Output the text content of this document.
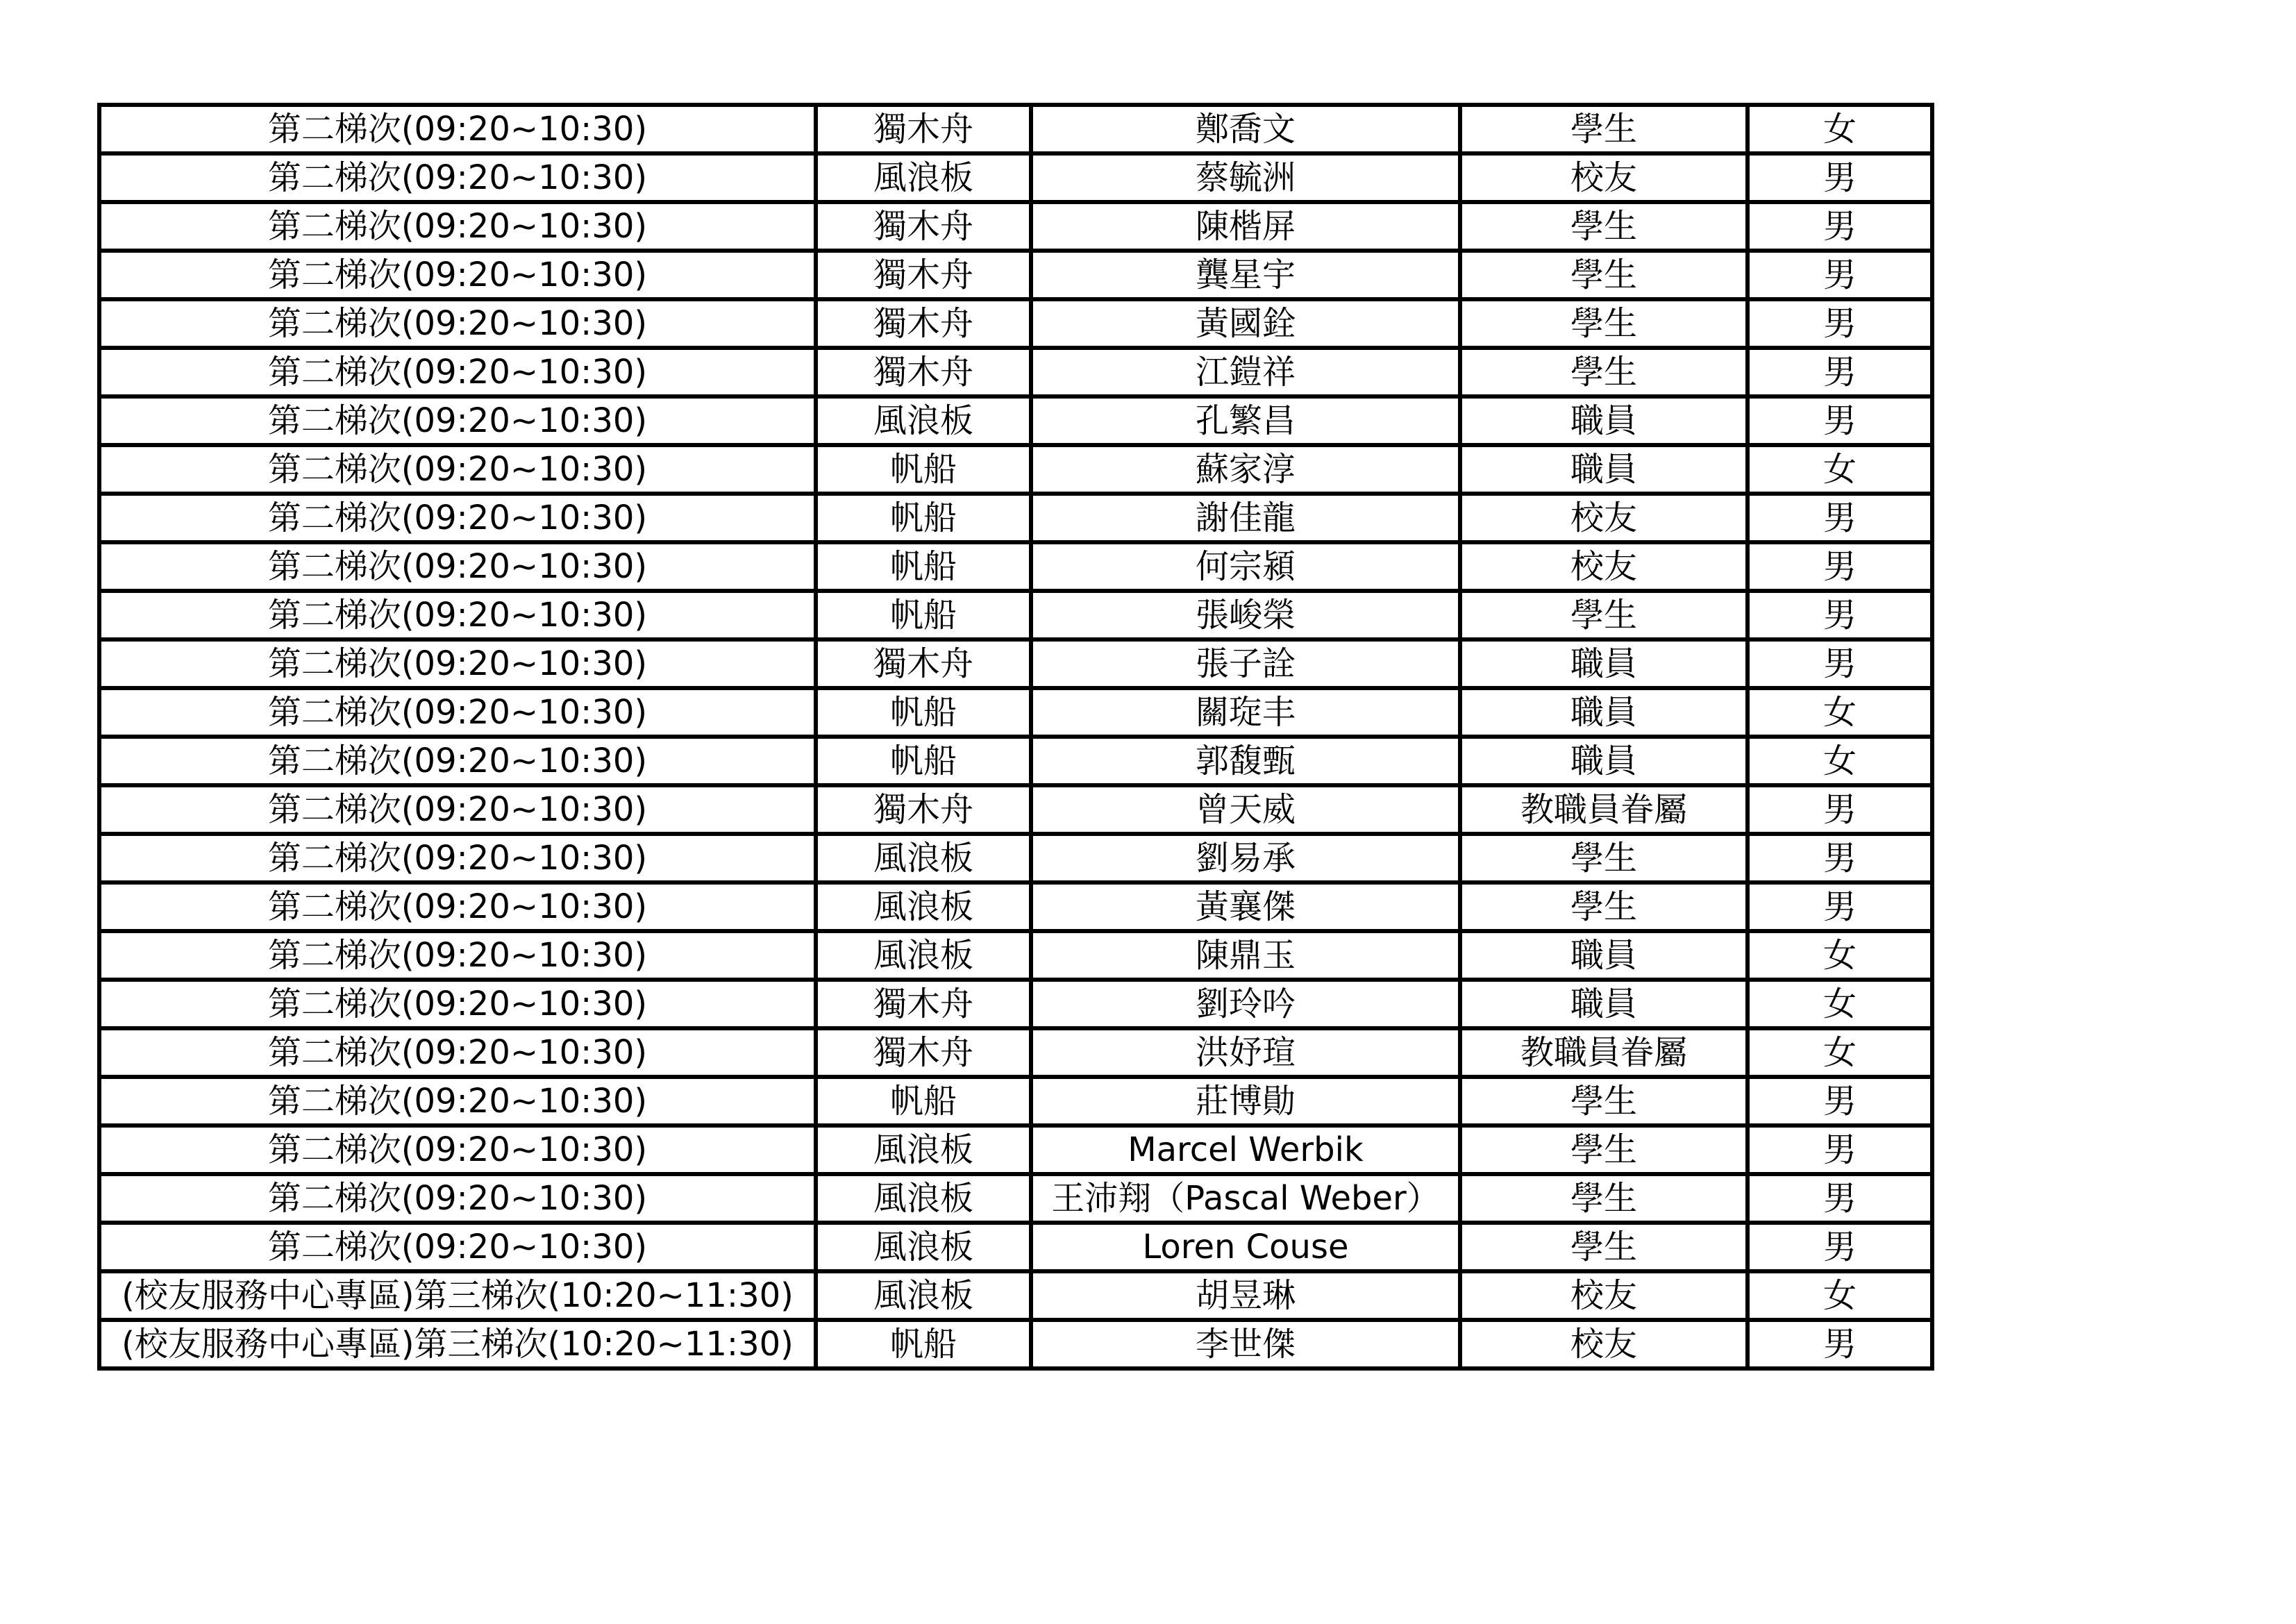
第二梯次(09:20~10:30)	獨木舟	鄭喬文	學生	女
第二梯次(09:20~10:30)	風浪板	蔡毓洲	校友	男
第二梯次(09:20~10:30)	獨木舟	陳楷屏	學生	男
第二梯次(09:20~10:30)	獨木舟	龔星宇	學生	男
第二梯次(09:20~10:30)	獨木舟	黃國銓	學生	男
第二梯次(09:20~10:30)	獨木舟	江鎧祥	學生	男
第二梯次(09:20~10:30)	風浪板	孔繁昌	職員	男
第二梯次(09:20~10:30)	帆船	蘇家淳	職員	女
第二梯次(09:20~10:30)	帆船	謝佳龍	校友	男
第二梯次(09:20~10:30)	帆船	何宗潁	校友	男
第二梯次(09:20~10:30)	帆船	張峻榮	學生	男
第二梯次(09:20~10:30)	獨木舟	張子詮	職員	男
第二梯次(09:20~10:30)	帆船	關琁丰	職員	女
第二梯次(09:20~10:30)	帆船	郭馥甄	職員	女
第二梯次(09:20~10:30)	獨木舟	曾天威	教職員眷屬	男
第二梯次(09:20~10:30)	風浪板	劉易承	學生	男
第二梯次(09:20~10:30)	風浪板	黃襄傑	學生	男
第二梯次(09:20~10:30)	風浪板	陳鼎玉	職員	女
第二梯次(09:20~10:30)	獨木舟	劉玲吟	職員	女
第二梯次(09:20~10:30)	獨木舟	洪妤瑄	教職員眷屬	女
第二梯次(09:20~10:30)	帆船	莊博勛	學生	男
第二梯次(09:20~10:30)	風浪板	Marcel Werbik	學生	男
第二梯次(09:20~10:30)	風浪板	王沛翔（Pascal Weber）	學生	男
第二梯次(09:20~10:30)	風浪板	Loren Couse	學生	男
(校友服務中心專區)第三梯次(10:20~11:30)	風浪板	胡昱琳	校友	女
(校友服務中心專區)第三梯次(10:20~11:30)	帆船	李世傑	校友	男
